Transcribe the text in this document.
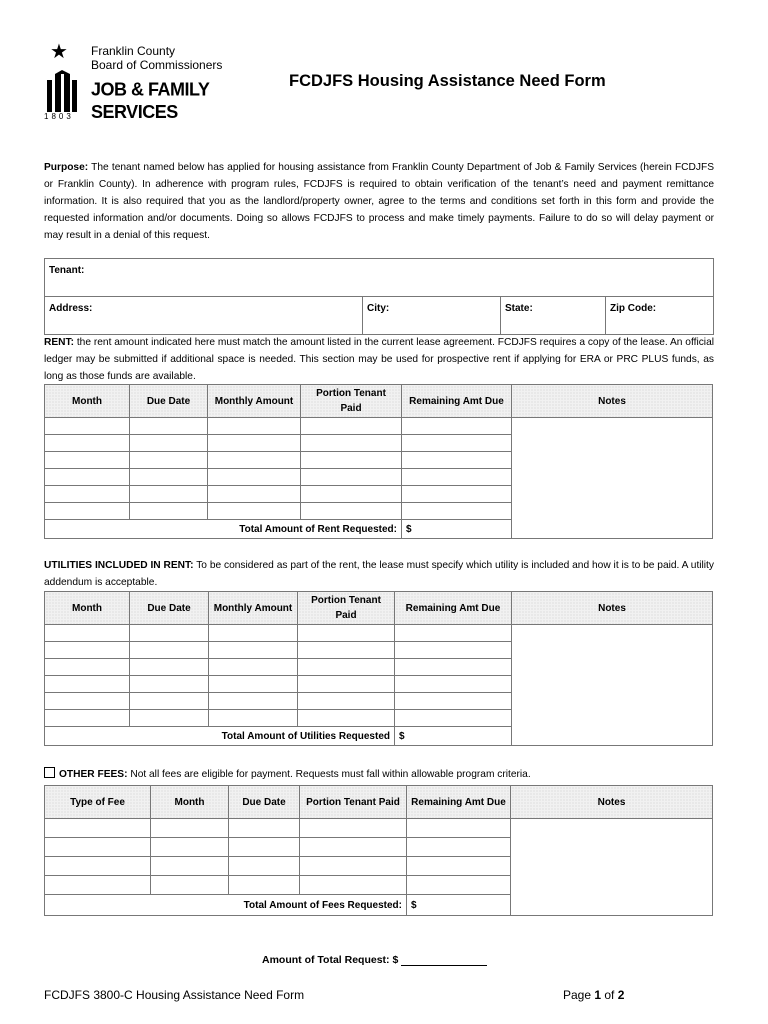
★
1803
Franklin County
Board of Commissioners
JOB & FAMILY
SERVICES
FCDJFS Housing Assistance Need Form
Purpose: The tenant named below has applied for housing assistance from Franklin County Department of Job & Family Services (herein FCDJFS or Franklin County). In adherence with program rules, FCDJFS is required to obtain verification of the tenant’s need and payment remittance information. It is also required that you as the landlord/property owner, agree to the terms and conditions set forth in this form and provide the requested information and/or documents. Doing so allows FCDJFS to process and make timely payments. Failure to do so will delay payment or may result in a denial of this request.
Tenant:
Address:	City:	State:	Zip Code:
RENT: the rent amount indicated here must match the amount listed in the current lease agreement. FCDJFS requires a copy of the lease. An official ledger may be submitted if additional space is needed. This section may be used for prospective rent if applying for ERA or PRC PLUS funds, as long as those funds are available.
Month	Due Date	Monthly Amount	Portion Tenant Paid	Remaining Amt Due	Notes

Total Amount of Rent Requested:				$	
UTILITIES INCLUDED IN RENT: To be considered as part of the rent, the lease must specify which utility is included and how it is to be paid. A utility addendum is acceptable.
Month	Due Date	Monthly Amount	Portion Tenant Paid	Remaining Amt Due	Notes

Total Amount of Utilities Requested				$	
OTHER FEES: Not all fees are eligible for payment. Requests must fall within allowable program criteria.
Type of Fee	Month	Due Date	Portion Tenant Paid	Remaining Amt Due	Notes

Total Amount of Fees Requested:				$	
Amount of Total Request: $
FCDJFS 3800-C Housing Assistance Need Form	Page 1 of 2
